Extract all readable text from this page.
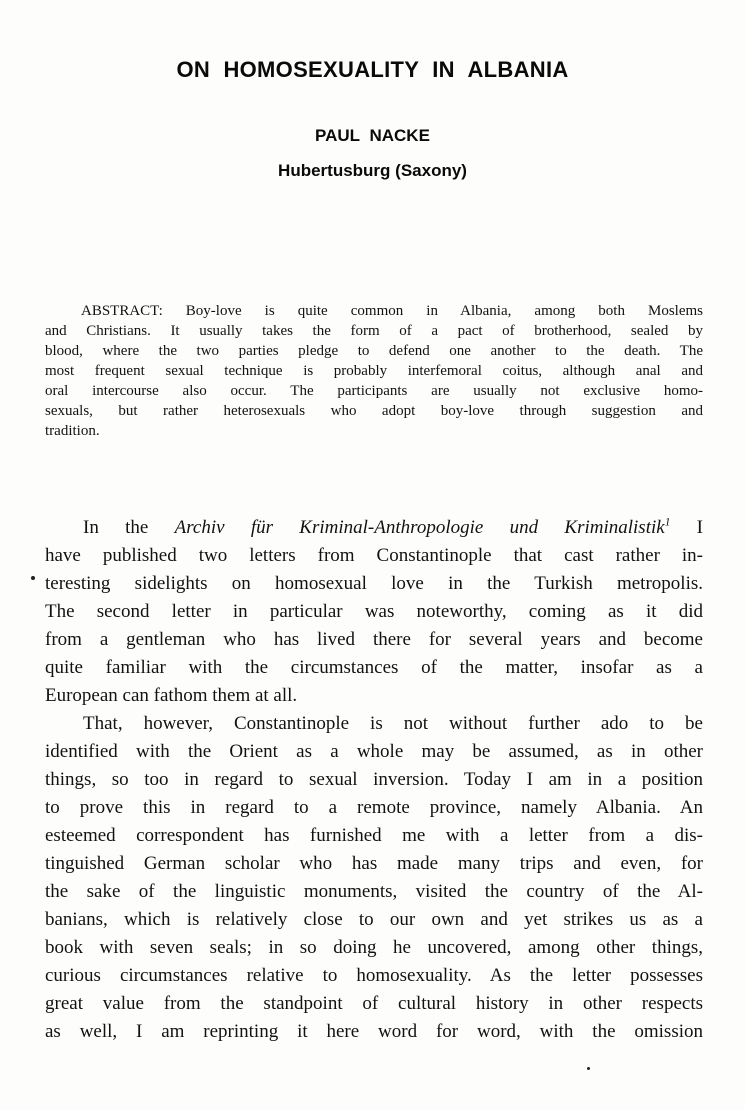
ON HOMOSEXUALITY IN ALBANIA
PAUL NACKE
Hubertusburg (Saxony)
ABSTRACT: Boy-love is quite common in Albania, among both Moslems
and Christians. It usually takes the form of a pact of brotherhood, sealed by
blood, where the two parties pledge to defend one another to the death. The
most frequent sexual technique is probably interfemoral coitus, although anal and
oral intercourse also occur. The participants are usually not exclusive homo-
sexuals, but rather heterosexuals who adopt boy-love through suggestion and
tradition.
In the Archiv für Kriminal-Anthropologie und Kriminalistik$^1$ I
have published two letters from Constantinople that cast rather in-
teresting sidelights on homosexual love in the Turkish metropolis.
The second letter in particular was noteworthy, coming as it did
from a gentleman who has lived there for several years and become
quite familiar with the circumstances of the matter, insofar as a
European can fathom them at all.
That, however, Constantinople is not without further ado to be
identified with the Orient as a whole may be assumed, as in other
things, so too in regard to sexual inversion. Today I am in a position
to prove this in regard to a remote province, namely Albania. An
esteemed correspondent has furnished me with a letter from a dis-
tinguished German scholar who has made many trips and even, for
the sake of the linguistic monuments, visited the country of the Al-
banians, which is relatively close to our own and yet strikes us as a
book with seven seals; in so doing he uncovered, among other things,
curious circumstances relative to homosexuality. As the letter possesses
great value from the standpoint of cultural history in other respects
as well, I am reprinting it here word for word, with the omission
